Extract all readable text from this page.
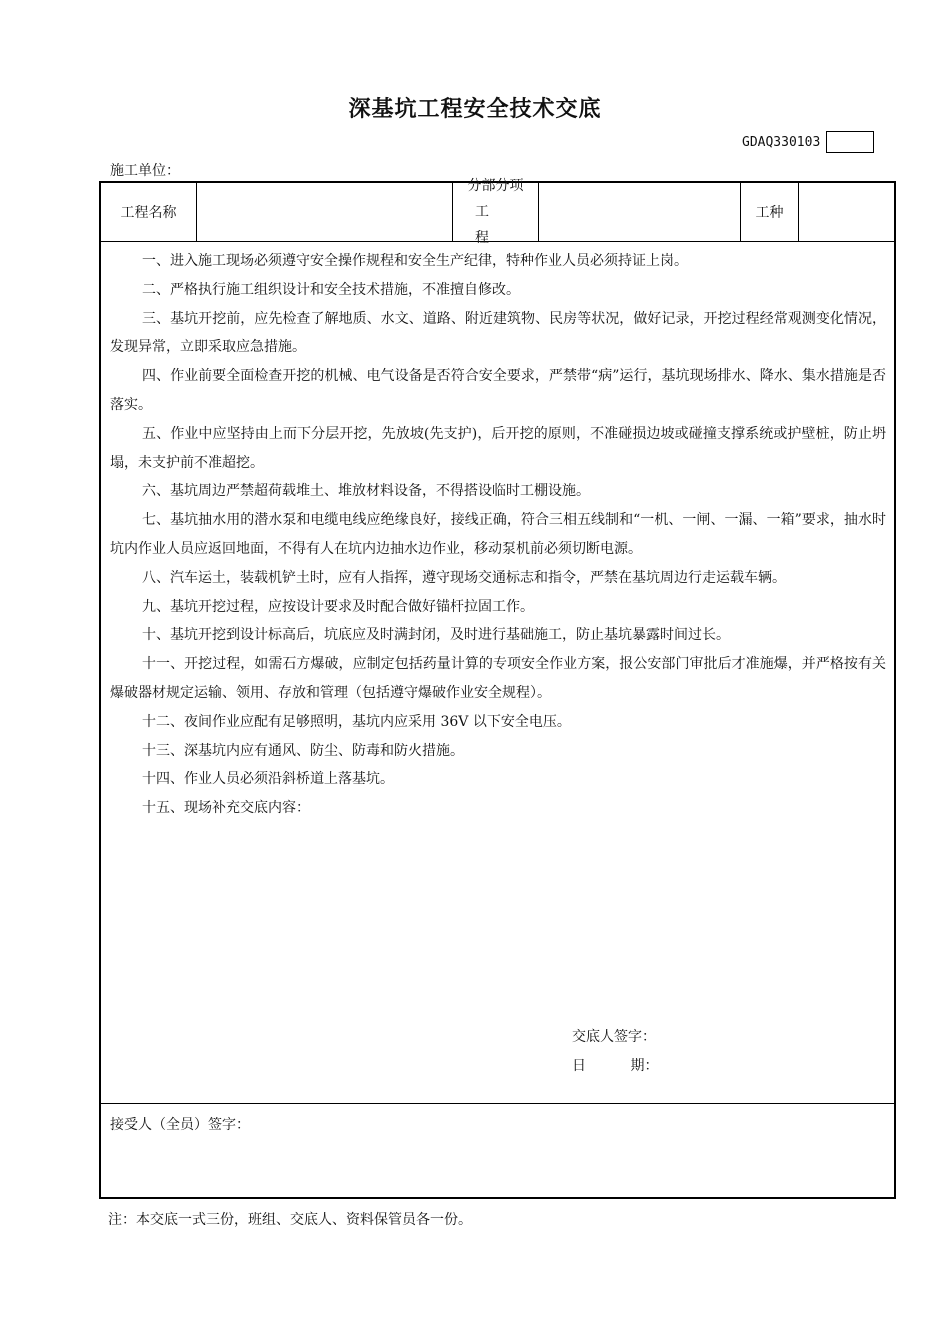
深基坑工程安全技术交底
GDAQ330103
施工单位：
工程名称
分部分项
工程
工种

一、进入施工现场必须遵守安全操作规程和安全生产纪律，特种作业人员必须持证上岗。

二、严格执行施工组织设计和安全技术措施，不准擅自修改。

三、基坑开挖前，应先检查了解地质、水文、道路、附近建筑物、民房等状况，做好记录，开挖过程经常观测变化情况，发现异常，立即采取应急措施。

四、作业前要全面检查开挖的机械、电气设备是否符合安全要求，严禁带“病”运行，基坑现场排水、降水、集水措施是否落实。

五、作业中应坚持由上而下分层开挖，先放坡(先支护)，后开挖的原则，不准碰损边坡或碰撞支撑系统或护壁桩，防止坍塌，未支护前不准超挖。

六、基坑周边严禁超荷载堆土、堆放材料设备，不得搭设临时工棚设施。

七、基坑抽水用的潜水泵和电缆电线应绝缘良好，接线正确，符合三相五线制和“一机、一闸、一漏、一箱”要求，抽水时坑内作业人员应返回地面，不得有人在坑内边抽水边作业，移动泵机前必须切断电源。

八、汽车运土，装载机铲土时，应有人指挥，遵守现场交通标志和指令，严禁在基坑周边行走运载车辆。

九、基坑开挖过程，应按设计要求及时配合做好锚杆拉固工作。

十、基坑开挖到设计标高后，坑底应及时满封闭，及时进行基础施工，防止基坑暴露时间过长。

十一、开挖过程，如需石方爆破，应制定包括药量计算的专项安全作业方案，报公安部门审批后才准施爆，并严格按有关爆破器材规定运输、领用、存放和管理（包括遵守爆破作业安全规程）。

十二、夜间作业应配有足够照明，基坑内应采用 36V 以下安全电压。

十三、深基坑内应有通风、防尘、防毒和防火措施。

十四、作业人员必须沿斜桥道上落基坑。

十五、现场补充交底内容：

交底人签字：
日          期：
接受人（全员）签字：
注：本交底一式三份，班组、交底人、资料保管员各一份。
